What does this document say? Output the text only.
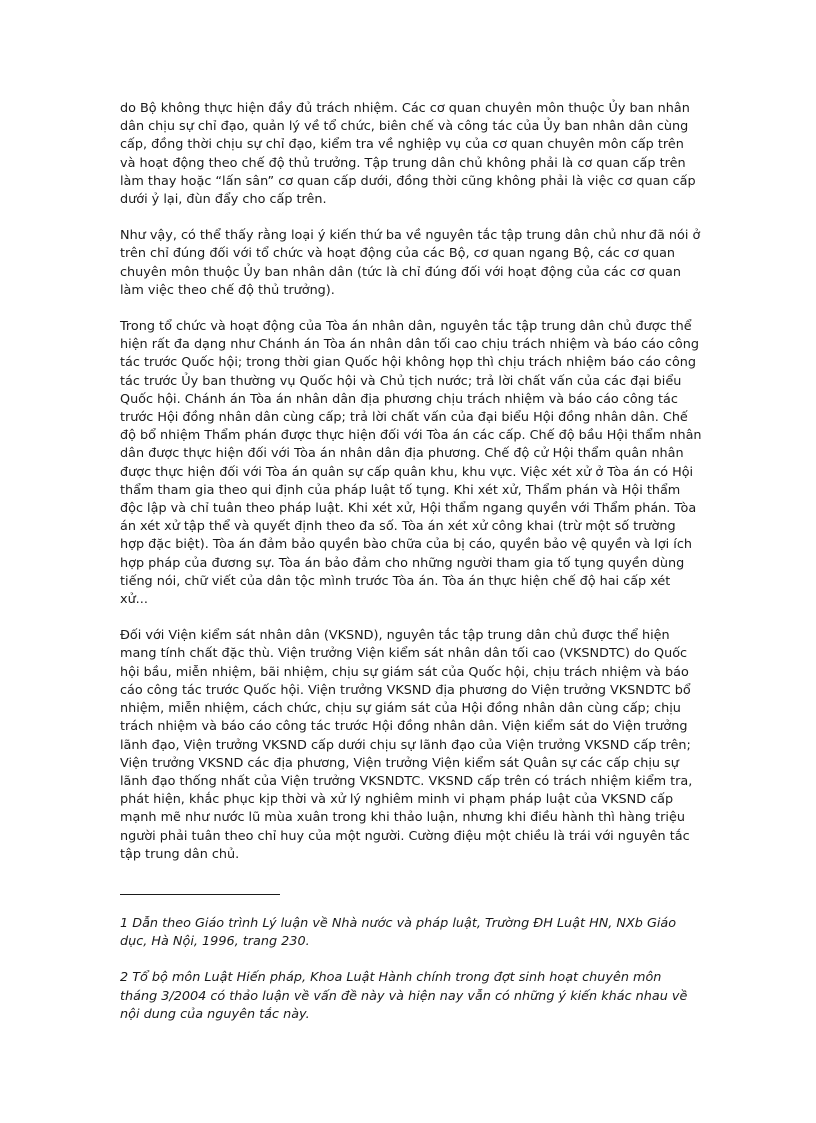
do Bộ không thực hiện đầy đủ trách nhiệm. Các cơ quan chuyên môn thuộc Ủy ban nhân dân chịu sự chỉ đạo, quản lý về tổ chức, biên chế và công tác của Ủy ban nhân dân cùng cấp, đồng thời chịu sự chỉ đạo, kiểm tra về nghiệp vụ của cơ quan chuyên môn cấp trên và hoạt động theo chế độ thủ trưởng. Tập trung dân chủ không phải là cơ quan cấp trên làm thay hoặc “lấn sân” cơ quan cấp dưới, đồng thời cũng không phải là việc cơ quan cấp dưới ỷ lại, đùn đẩy cho cấp trên.

Như vậy, có thể thấy rằng loại ý kiến thứ ba về nguyên tắc tập trung dân chủ như đã nói ở trên chỉ đúng đối với tổ chức và hoạt động của các Bộ, cơ quan ngang Bộ, các cơ quan chuyên môn thuộc Ủy ban nhân dân (tức là chỉ đúng đối với hoạt động của các cơ quan làm việc theo chế độ thủ trưởng).

Trong tổ chức và hoạt động của Tòa án nhân dân, nguyên tắc tập trung dân chủ được thể hiện rất đa dạng như Chánh án Tòa án nhân dân tối cao chịu trách nhiệm và báo cáo công tác trước Quốc hội; trong thời gian Quốc hội không họp thì chịu trách nhiệm báo cáo công tác trước Ủy ban thường vụ Quốc hội và Chủ tịch nước; trả lời chất vấn của các đại biểu Quốc hội. Chánh án Tòa án nhân dân địa phương chịu trách nhiệm và báo cáo công tác trước Hội đồng nhân dân cùng cấp; trả lời chất vấn của đại biểu Hội đồng nhân dân. Chế độ bổ nhiệm Thẩm phán được thực hiện đối với Tòa án các cấp. Chế độ bầu Hội thẩm nhân dân được thực hiện đối với Tòa án nhân dân địa phương. Chế độ cử Hội thẩm quân nhân được thực hiện đối với Tòa án quân sự cấp quân khu, khu vực. Việc xét xử ở Tòa án có Hội thẩm tham gia theo qui định của pháp luật tố tụng. Khi xét xử, Thẩm phán và Hội thẩm độc lập và chỉ tuân theo pháp luật. Khi xét xử, Hội thẩm ngang quyền với Thẩm phán. Tòa án xét xử tập thể và quyết định theo đa số. Tòa án xét xử công khai (trừ một số trường hợp đặc biệt). Tòa án đảm bảo quyền bào chữa của bị cáo, quyền bảo vệ quyền và lợi ích hợp pháp của đương sự. Tòa án bảo đảm cho những người tham gia tố tụng quyền dùng tiếng nói, chữ viết của dân tộc mình trước Tòa án. Tòa án thực hiện chế độ hai cấp xét xử...

Đối với Viện kiểm sát nhân dân (VKSND), nguyên tắc tập trung dân chủ được thể hiện mang tính chất đặc thù. Viện trưởng Viện kiểm sát nhân dân tối cao (VKSNDTC) do Quốc hội bầu, miễn nhiệm, bãi nhiệm, chịu sự giám sát của Quốc hội, chịu trách nhiệm và báo cáo công tác trước Quốc hội. Viện trưởng VKSND địa phương do Viện trưởng VKSNDTC bổ nhiệm, miễn nhiệm, cách chức, chịu sự giám sát của Hội đồng nhân dân cùng cấp; chịu trách nhiệm và báo cáo công tác trước Hội đồng nhân dân. Viện kiểm sát do Viện trưởng lãnh đạo, Viện trưởng VKSND cấp dưới chịu sự lãnh đạo của Viện trưởng VKSND cấp trên; Viện trưởng VKSND các địa phương, Viện trưởng Viện kiểm sát Quân sự các cấp chịu sự lãnh đạo thống nhất của Viện trưởng VKSNDTC. VKSND cấp trên có trách nhiệm kiểm tra, phát hiện, khắc phục kịp thời và xử lý nghiêm minh vi phạm pháp luật của VKSND cấp mạnh mẽ như nước lũ mùa xuân trong khi thảo luận, nhưng khi điều hành thì hàng triệu người phải tuân theo chỉ huy của một người. Cường điệu một chiều là trái với nguyên tắc tập trung dân chủ.

1 Dẫn theo Giáo trình Lý luận về Nhà nước và pháp luật, Trường ĐH Luật HN, NXb Giáo dục, Hà Nội, 1996, trang 230.

2 Tổ bộ môn Luật Hiến pháp, Khoa Luật Hành chính trong đợt sinh hoạt chuyên môn tháng 3/2004 có thảo luận về vấn đề này và hiện nay vẫn có những ý kiến khác nhau về nội dung của nguyên tắc này.
